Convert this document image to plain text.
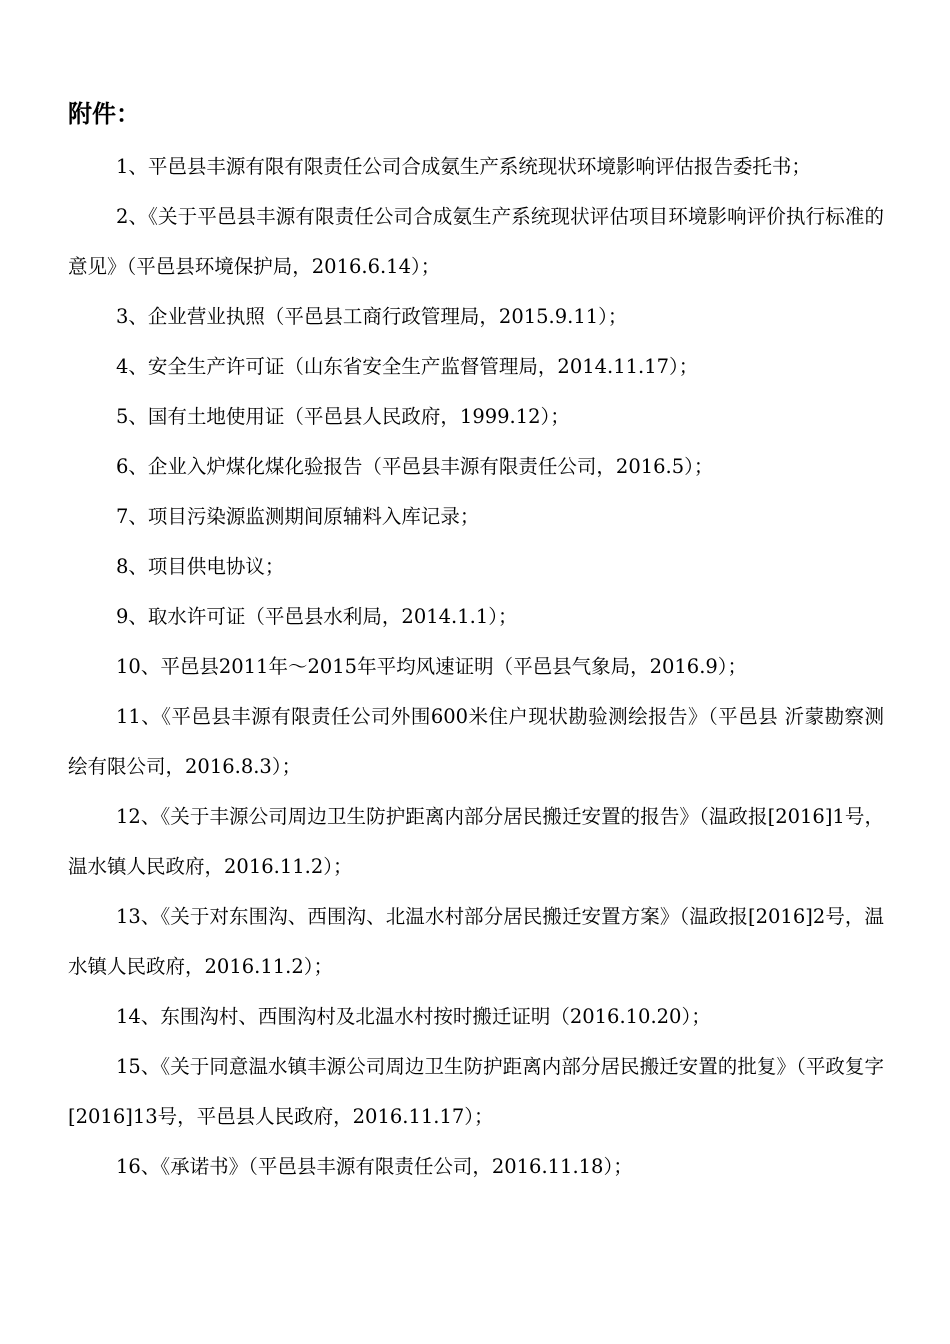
附件：
1、平邑县丰源有限有限责任公司合成氨生产系统现状环境影响评估报告委托书；
2、《关于平邑县丰源有限责任公司合成氨生产系统现状评估项目环境影响评价执行标准的意见》（平邑县环境保护局，2016.6.14）；
3、企业营业执照（平邑县工商行政管理局，2015.9.11）；
4、安全生产许可证（山东省安全生产监督管理局，2014.11.17）；
5、国有土地使用证（平邑县人民政府，1999.12）；
6、企业入炉煤化煤化验报告（平邑县丰源有限责任公司，2016.5）；
7、项目污染源监测期间原辅料入库记录；
8、项目供电协议；
9、取水许可证（平邑县水利局，2014.1.1）；
10、平邑县2011年～2015年平均风速证明（平邑县气象局，2016.9）；
11、《平邑县丰源有限责任公司外围600米住户现状勘验测绘报告》（平邑县 沂蒙勘察测绘有限公司，2016.8.3）；
12、《关于丰源公司周边卫生防护距离内部分居民搬迁安置的报告》（温政报[2016]1号，温水镇人民政府，2016.11.2）；
13、《关于对东围沟、西围沟、北温水村部分居民搬迁安置方案》（温政报[2016]2号，温水镇人民政府，2016.11.2）；
14、东围沟村、西围沟村及北温水村按时搬迁证明（2016.10.20）；
15、《关于同意温水镇丰源公司周边卫生防护距离内部分居民搬迁安置的批复》（平政复字[2016]13号，平邑县人民政府，2016.11.17）；
16、《承诺书》（平邑县丰源有限责任公司，2016.11.18）；
